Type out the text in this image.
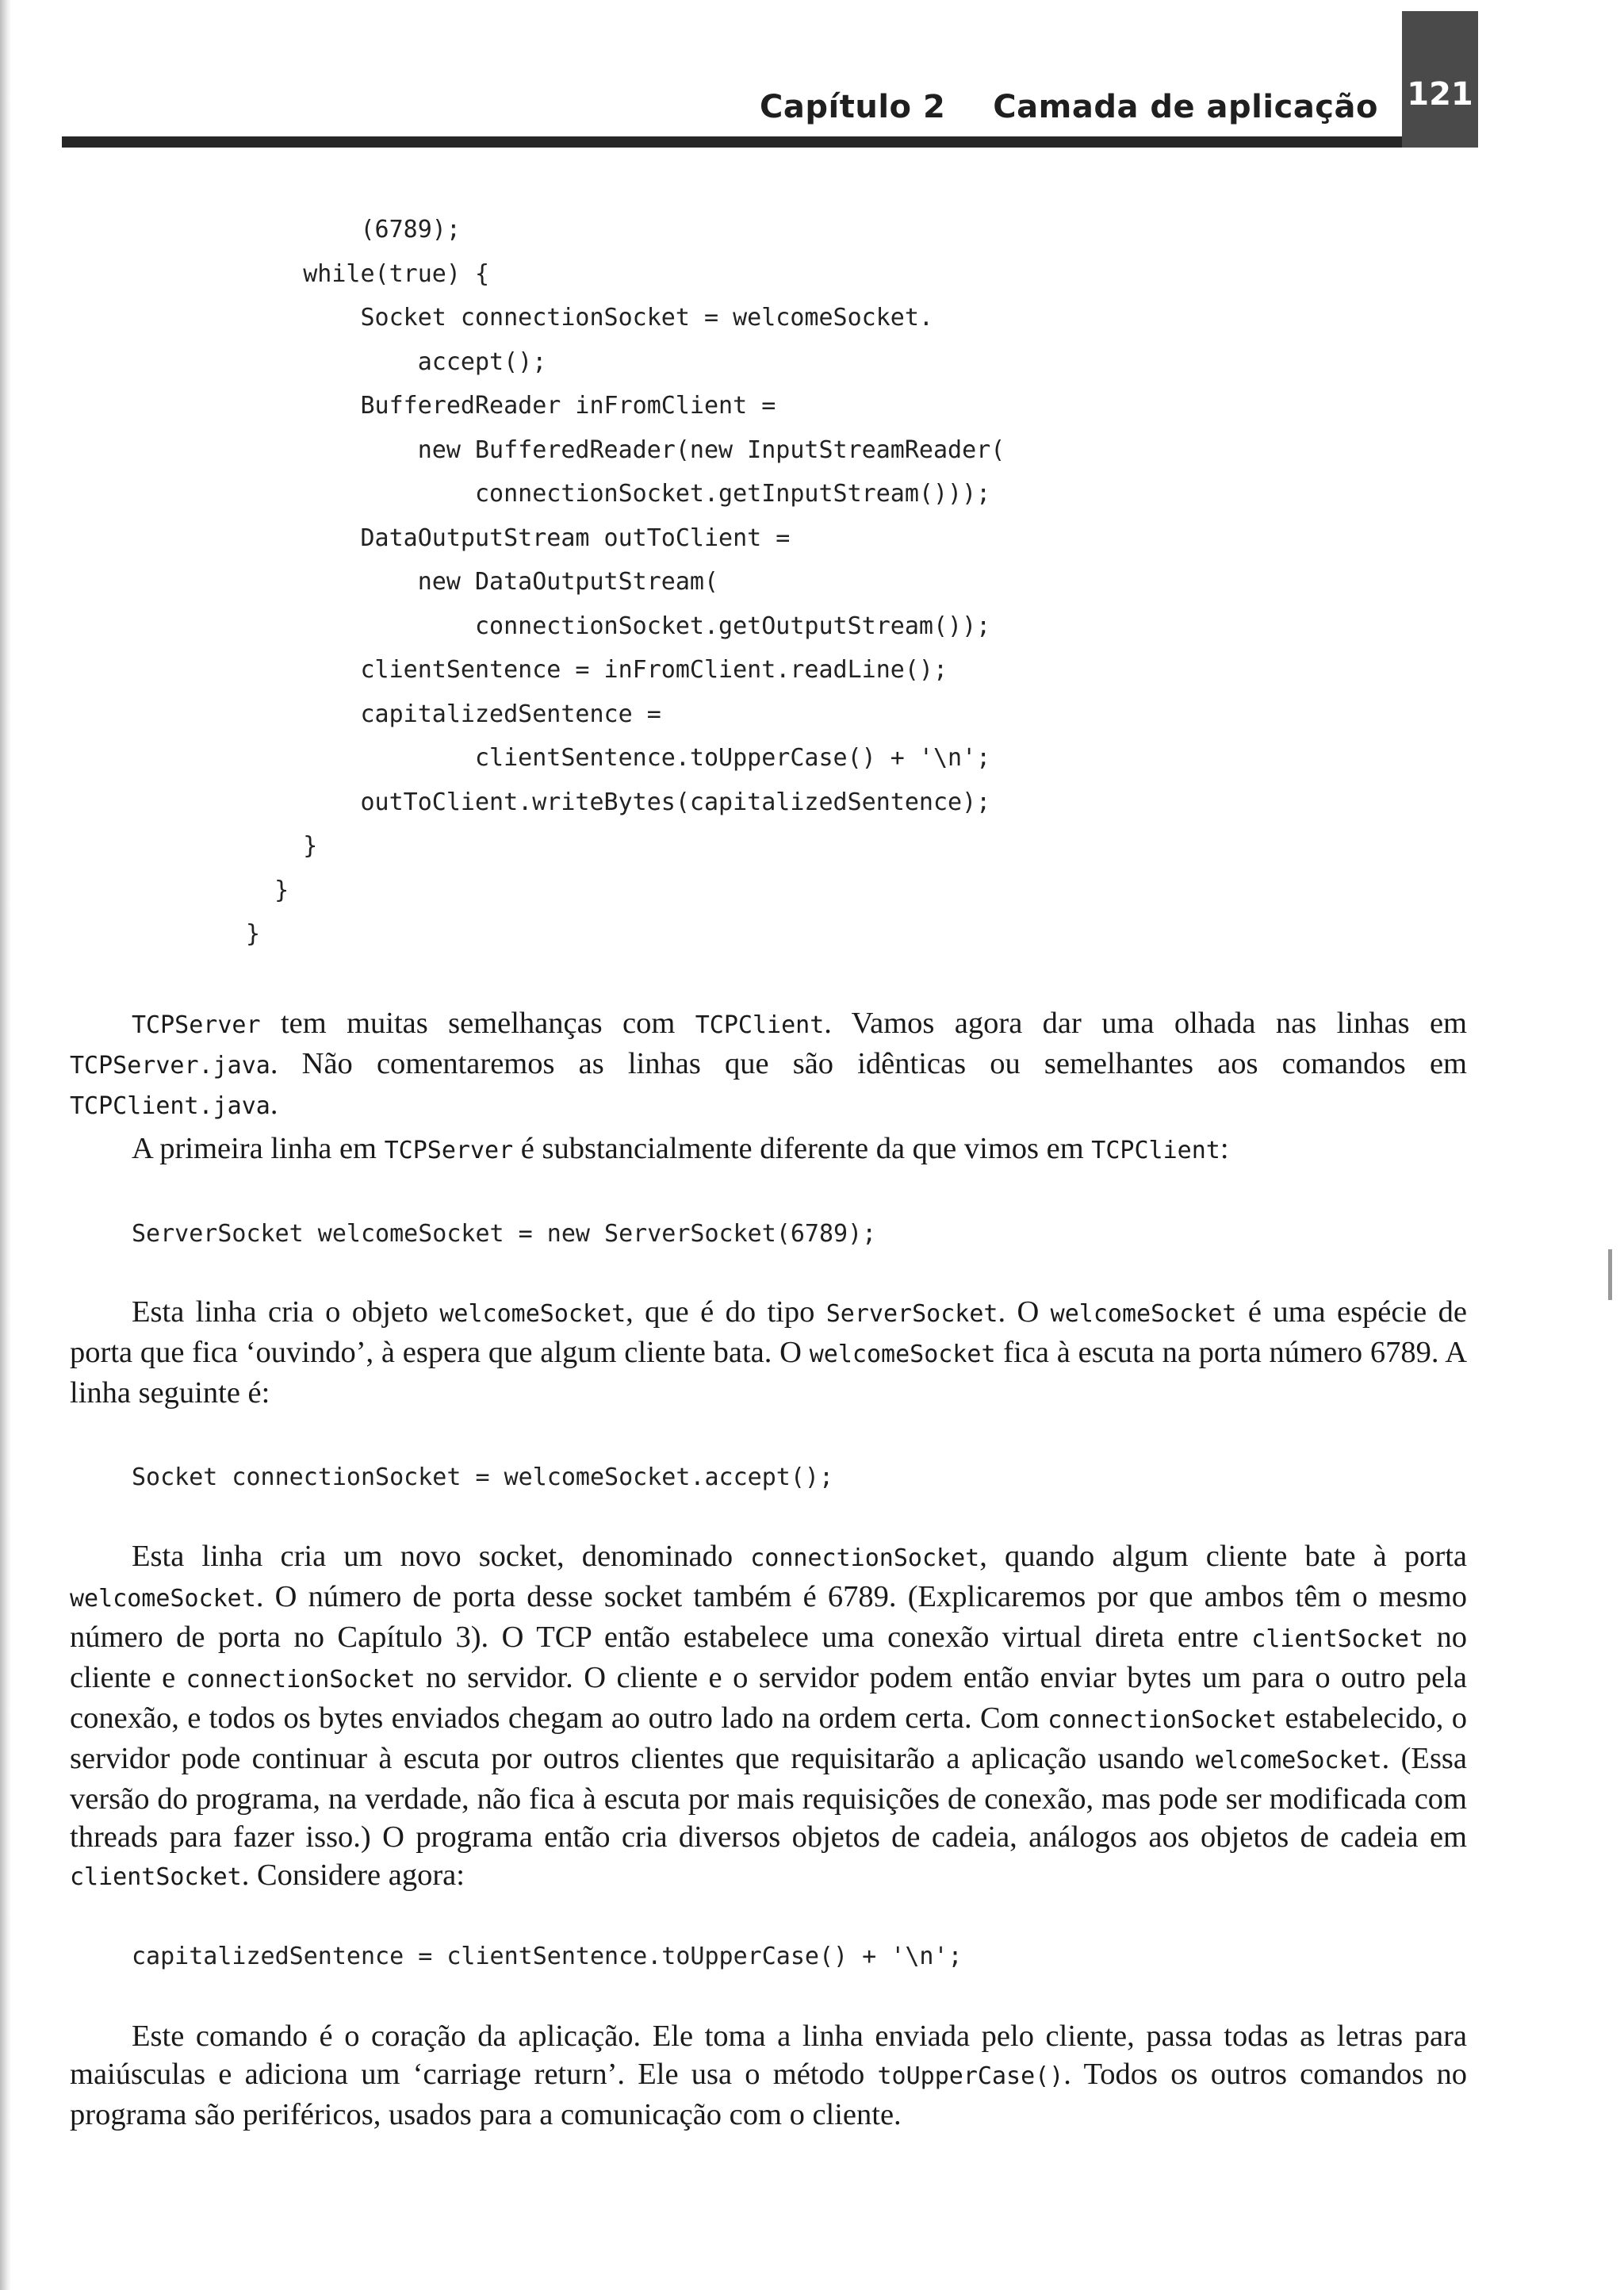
Capítulo 2 Camada de aplicação 121
(6789);
while(true) {
Socket connectionSocket = welcomeSocket.
accept();
BufferedReader inFromClient =
new BufferedReader(new InputStreamReader(
connectionSocket.getInputStream()));
DataOutputStream outToClient =
new DataOutputStream(
connectionSocket.getOutputStream());
clientSentence = inFromClient.readLine();
capitalizedSentence =
clientSentence.toUpperCase() + '\n';
outToClient.writeBytes(capitalizedSentence);
}
}
}

TCPServer tem muitas semelhanças com TCPClient. Vamos agora dar uma olhada nas linhas em TCPServer.java. Não comentaremos as linhas que são idênticas ou semelhantes aos comandos em TCPClient.java.

A primeira linha em TCPServer é substancialmente diferente da que vimos em TCPClient:

ServerSocket welcomeSocket = new ServerSocket(6789);

Esta linha cria o objeto welcomeSocket, que é do tipo ServerSocket. O welcomeSocket é uma espécie de porta que fica ‘ouvindo’, à espera que algum cliente bata. O welcomeSocket fica à escuta na porta número 6789. A linha seguinte é:

Socket connectionSocket = welcomeSocket.accept();

Esta linha cria um novo socket, denominado connectionSocket, quando algum cliente bate à porta welcomeSocket. O número de porta desse socket também é 6789. (Explicaremos por que ambos têm o mesmo número de porta no Capítulo 3). O TCP então estabelece uma conexão virtual direta entre clientSocket no cliente e connectionSocket no servidor. O cliente e o servidor podem então enviar bytes um para o outro pela conexão, e todos os bytes enviados chegam ao outro lado na ordem certa. Com connectionSocket estabelecido, o servidor pode continuar à escuta por outros clientes que requisitarão a aplicação usando welcomeSocket. (Essa versão do programa, na verdade, não fica à escuta por mais requisições de conexão, mas pode ser modificada com threads para fazer isso.) O programa então cria diversos objetos de cadeia, análogos aos objetos de cadeia em clientSocket. Considere agora:

capitalizedSentence = clientSentence.toUpperCase() + '\n';

Este comando é o coração da aplicação. Ele toma a linha enviada pelo cliente, passa todas as letras para maiúsculas e adiciona um ‘carriage return’. Ele usa o método toUpperCase(). Todos os outros comandos no programa são periféricos, usados para a comunicação com o cliente.
